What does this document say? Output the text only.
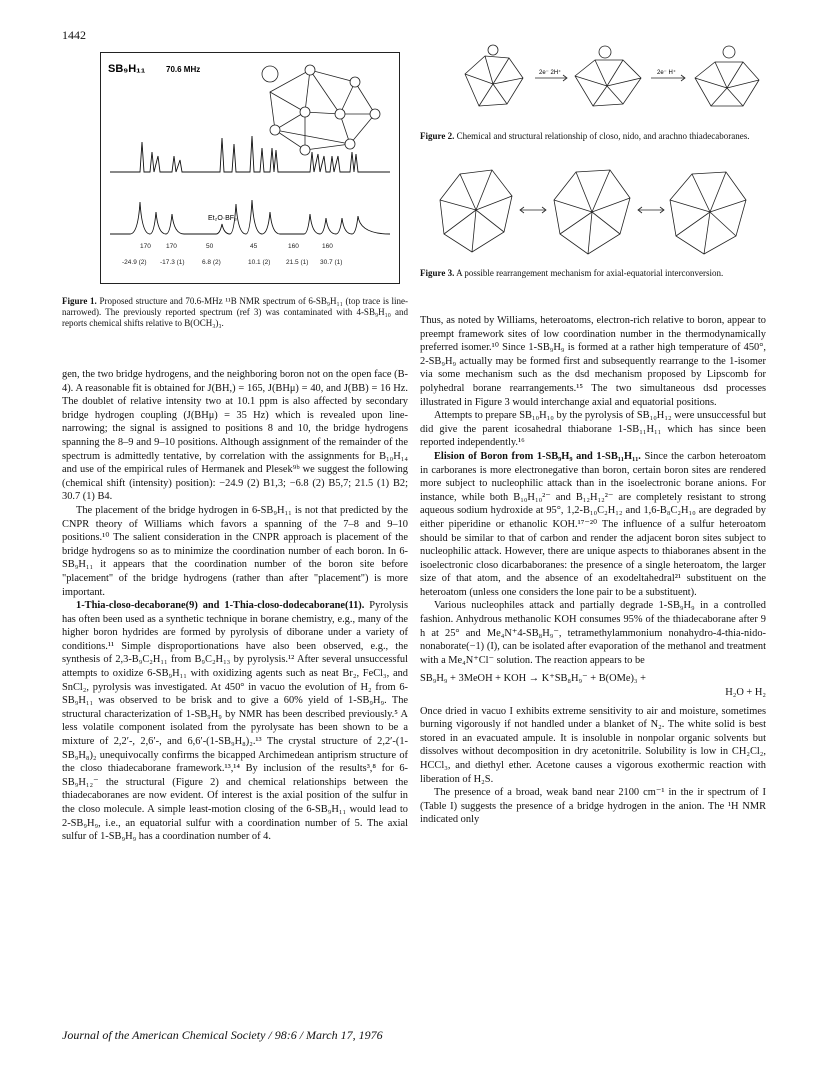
1442
SB₉H₁₁	70.6 MHz
Et₂O·BF₃
170 170	50	45	160	160
-24.9 (2) -17.3 (1)	6.8 (2)	10.1 (2) 21.5 (1) 30.7 (1)
Figure 1. Proposed structure and 70.6-MHz ¹¹B NMR spectrum of 6-SB₉H₁₁ (top trace is line-narrowed). The previously reported spectrum (ref 3) was contaminated with 4-SB₉H₁₀ and reports chemical shifts relative to B(OCH₃)₃.
2e⁻ 2H⁺	2e⁻ H⁺
Figure 2. Chemical and structural relationship of closo, nido, and arachno thiadecaboranes.
Figure 3. A possible rearrangement mechanism for axial-equatorial interconversion.

gen, the two bridge hydrogens, and the neighboring boron not on the open face (B-4). A reasonable fit is obtained for J(BH,) = 165, J(BHμ) = 40, and J(BB) = 16 Hz. The doublet of relative intensity two at 10.1 ppm is also affected by secondary bridge hydrogen coupling (J(BHμ) = 35 Hz) which is revealed upon line-narrowing; the signal is assigned to positions 8 and 10, the bridge hydrogens spanning the 8–9 and 9–10 positions. Although assignment of the remainder of the spectrum is admittedly tentative, by correlation with the assignments for B₁₀H₁₄ and use of the empirical rules of Hermanek and Plesek⁹ᵇ we suggest the following (chemical shift (intensity) position): −24.9 (2) B1,3; −6.8 (2) B5,7; 21.5 (1) B2; 30.7 (1) B4.

The placement of the bridge hydrogen in 6-SB₉H₁₁ is not that predicted by the CNPR theory of Williams which favors a spanning of the 7–8 and 9–10 positions.¹⁰ The salient consideration in the CNPR approach is placement of the bridge hydrogens so as to minimize the coordination number of each boron. In 6-SB₉H₁₁ it appears that the coordination number of the boron site before "placement" of the bridge hydrogens (rather than after "placement") is more important.

1-Thia-closo-decaborane(9) and 1-Thia-closo-dodecaborane(11). Pyrolysis has often been used as a synthetic technique in borane chemistry, e.g., many of the higher boron hydrides are formed by pyrolysis of diborane under a variety of conditions.¹¹ Simple disproportionations have also been observed, e.g., the synthesis of 2,3-B₉C₂H₁₁ from B₉C₂H₁₃ by pyrolysis.¹² After several unsuccessful attempts to oxidize 6-SB₉H₁₁ with oxidizing agents such as neat Br₂, FeCl₃, and SnCl₂, pyrolysis was investigated. At 450° in vacuo the evolution of H₂ from 6-SB₉H₁₁ was observed to be brisk and to give a 60% yield of 1-SB₉H₉. The structural characterization of 1-SB₉H₉ by NMR has been described previously.⁵ A less volatile component isolated from the pyrolysate has been shown to be a mixture of 2,2′-, 2,6′-, and 6,6′-(1-SB₉H₈)₂.¹³ The crystal structure of 2,2′-(1-SB₉H₈)₂ unequivocally confirms the bicapped Archimedean antiprism structure of the closo thiadecaborane framework.¹³,¹⁴ By inclusion of the results³,⁸ for 6-SB₉H₁₂⁻ the structural (Figure 2) and chemical relationships between the thiadecaboranes are now evident. Of interest is the axial position of the sulfur in the closo molecule. A simple least-motion closing of the 6-SB₉H₁₁ would lead to 2-SB₉H₉, i.e., an equatorial sulfur with a coordination number of 5. The axial sulfur of 1-SB₉H₉ has a coordination number of 4.

Thus, as noted by Williams, heteroatoms, electron-rich relative to boron, appear to preempt framework sites of low coordination number in the thermodynamically preferred isomer.¹⁰ Since 1-SB₉H₉ is formed at a rather high temperature of 450°, 2-SB₉H₉ actually may be formed first and subsequently rearrange to the 1-isomer via some mechanism such as the dsd mechanism proposed by Lipscomb for polyhedral borane rearrangements.¹⁵ The two simultaneous dsd processes illustrated in Figure 3 would interchange axial and equatorial positions.

Attempts to prepare SB₁₀H₁₀ by the pyrolysis of SB₁₀H₁₂ were unsuccessful but did give the parent icosahedral thiaborane 1-SB₁₁H₁₁ which has since been reported independently.¹⁶

Elision of Boron from 1-SB₉H₉ and 1-SB₁₁H₁₁. Since the carbon heteroatom in carboranes is more electronegative than boron, certain boron sites are rendered more subject to nucleophilic attack than in the isoelectronic borane anions. For instance, while both B₁₀H₁₀²⁻ and B₁₂H₁₂²⁻ are completely resistant to strong aqueous sodium hydroxide at 95°, 1,2-B₁₀C₂H₁₂ and 1,6-B₈C₂H₁₀ are degraded by either piperidine or ethanolic KOH.¹⁷⁻²⁰ The influence of a sulfur heteroatom should be similar to that of carbon and render the adjacent boron sites subject to nucleophilic attack. However, there are unique aspects to thiaboranes absent in the isoelectronic closo dicarbaboranes: the presence of a single heteroatom, the larger size of that atom, and the absence of an exodeltahedral²¹ substituent on the heteroatom (unless one considers the lone pair to be a substituent).

Various nucleophiles attack and partially degrade 1-SB₉H₉ in a controlled fashion. Anhydrous methanolic KOH consumes 95% of the thiadecaborane after 9 h at 25° and Me₄N⁺4-SB₈H₉⁻, tetramethylammonium nonahydro-4-thia-nido-nonaborate(−1) (I), can be isolated after evaporation of the methanol and treatment with a Me₄N⁺Cl⁻ solution. The reaction appears to be

SB₉H₉ + 3MeOH + KOH → K⁺SB₈H₉⁻ + B(OMe)₃ +

H₂O + H₂

Once dried in vacuo I exhibits extreme sensitivity to air and moisture, sometimes burning vigorously if not handled under a blanket of N₂. The white solid is best stored in an evacuated ampule. It is insoluble in nonpolar organic solvents but dissolves without decomposition in dry acetonitrile. Solubility is low in CH₂Cl₂, HCCl₃, and diethyl ether. Acetone causes a vigorous exothermic reaction with liberation of H₂S.

The presence of a broad, weak band near 2100 cm⁻¹ in the ir spectrum of I (Table I) suggests the presence of a bridge hydrogen in the anion. The ¹H NMR indicated only

Journal of the American Chemical Society / 98:6 / March 17, 1976
